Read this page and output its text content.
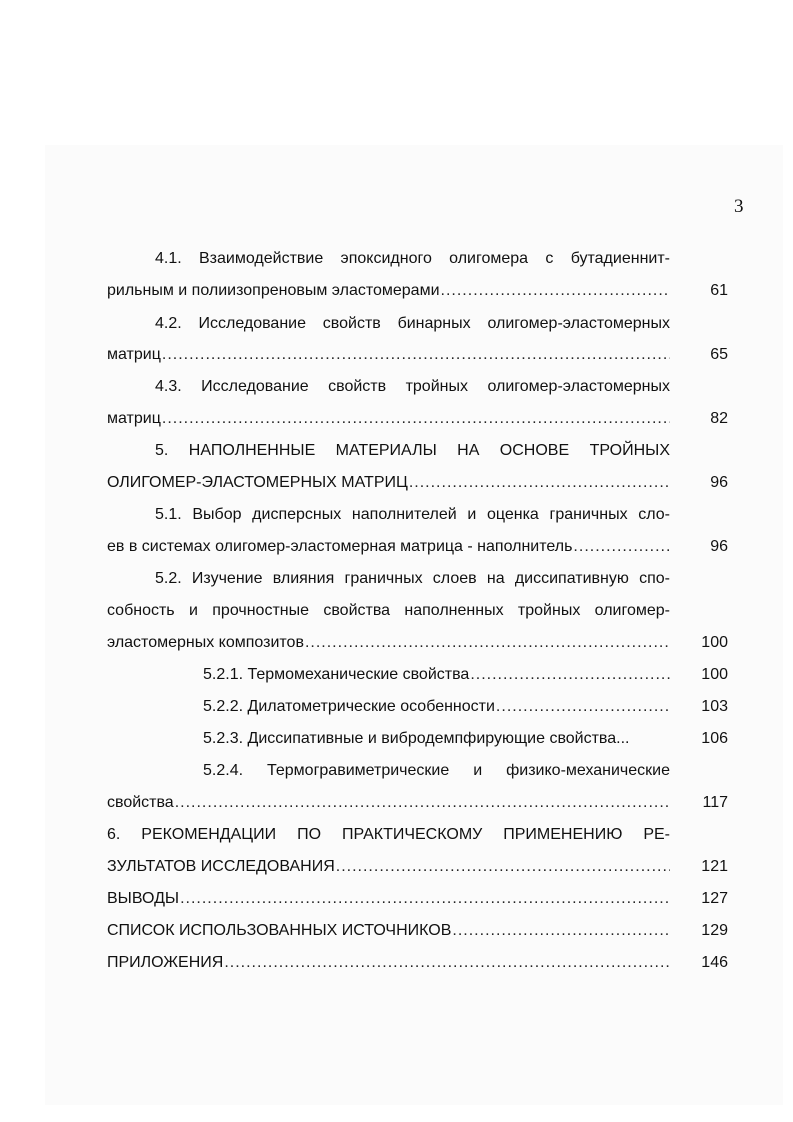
3
4.1. Взаимодействие эпоксидного олигомера с бутадиеннит-
рильным и полиизопреновым эластомерами .....	61
4.2. Исследование свойств бинарных олигомер-эластомерных
матриц .....	65
4.3. Исследование свойств тройных олигомер-эластомерных
матриц .....	82
5. НАПОЛНЕННЫЕ МАТЕРИАЛЫ НА ОСНОВЕ ТРОЙНЫХ
ОЛИГОМЕР-ЭЛАСТОМЕРНЫХ МАТРИЦ .....	96
5.1. Выбор дисперсных наполнителей и оценка граничных сло-
ев в системах олигомер-эластомерная матрица - наполнитель .....	96
5.2. Изучение влияния граничных слоев на диссипативную спо-
собность и прочностные свойства наполненных тройных олигомер-
эластомерных композитов .....	100
5.2.1. Термомеханические свойства .....	100
5.2.2. Дилатометрические особенности .....	103
5.2.3. Диссипативные и вибродемпфирующие свойства...	106
5.2.4. Термогравиметрические и физико-механические
свойства .....	117
6. РЕКОМЕНДАЦИИ ПО ПРАКТИЧЕСКОМУ ПРИМЕНЕНИЮ РЕ-
ЗУЛЬТАТОВ ИССЛЕДОВАНИЯ .....	121
ВЫВОДЫ .....	127
СПИСОК ИСПОЛЬЗОВАННЫХ ИСТОЧНИКОВ .....	129
ПРИЛОЖЕНИЯ .....	146
